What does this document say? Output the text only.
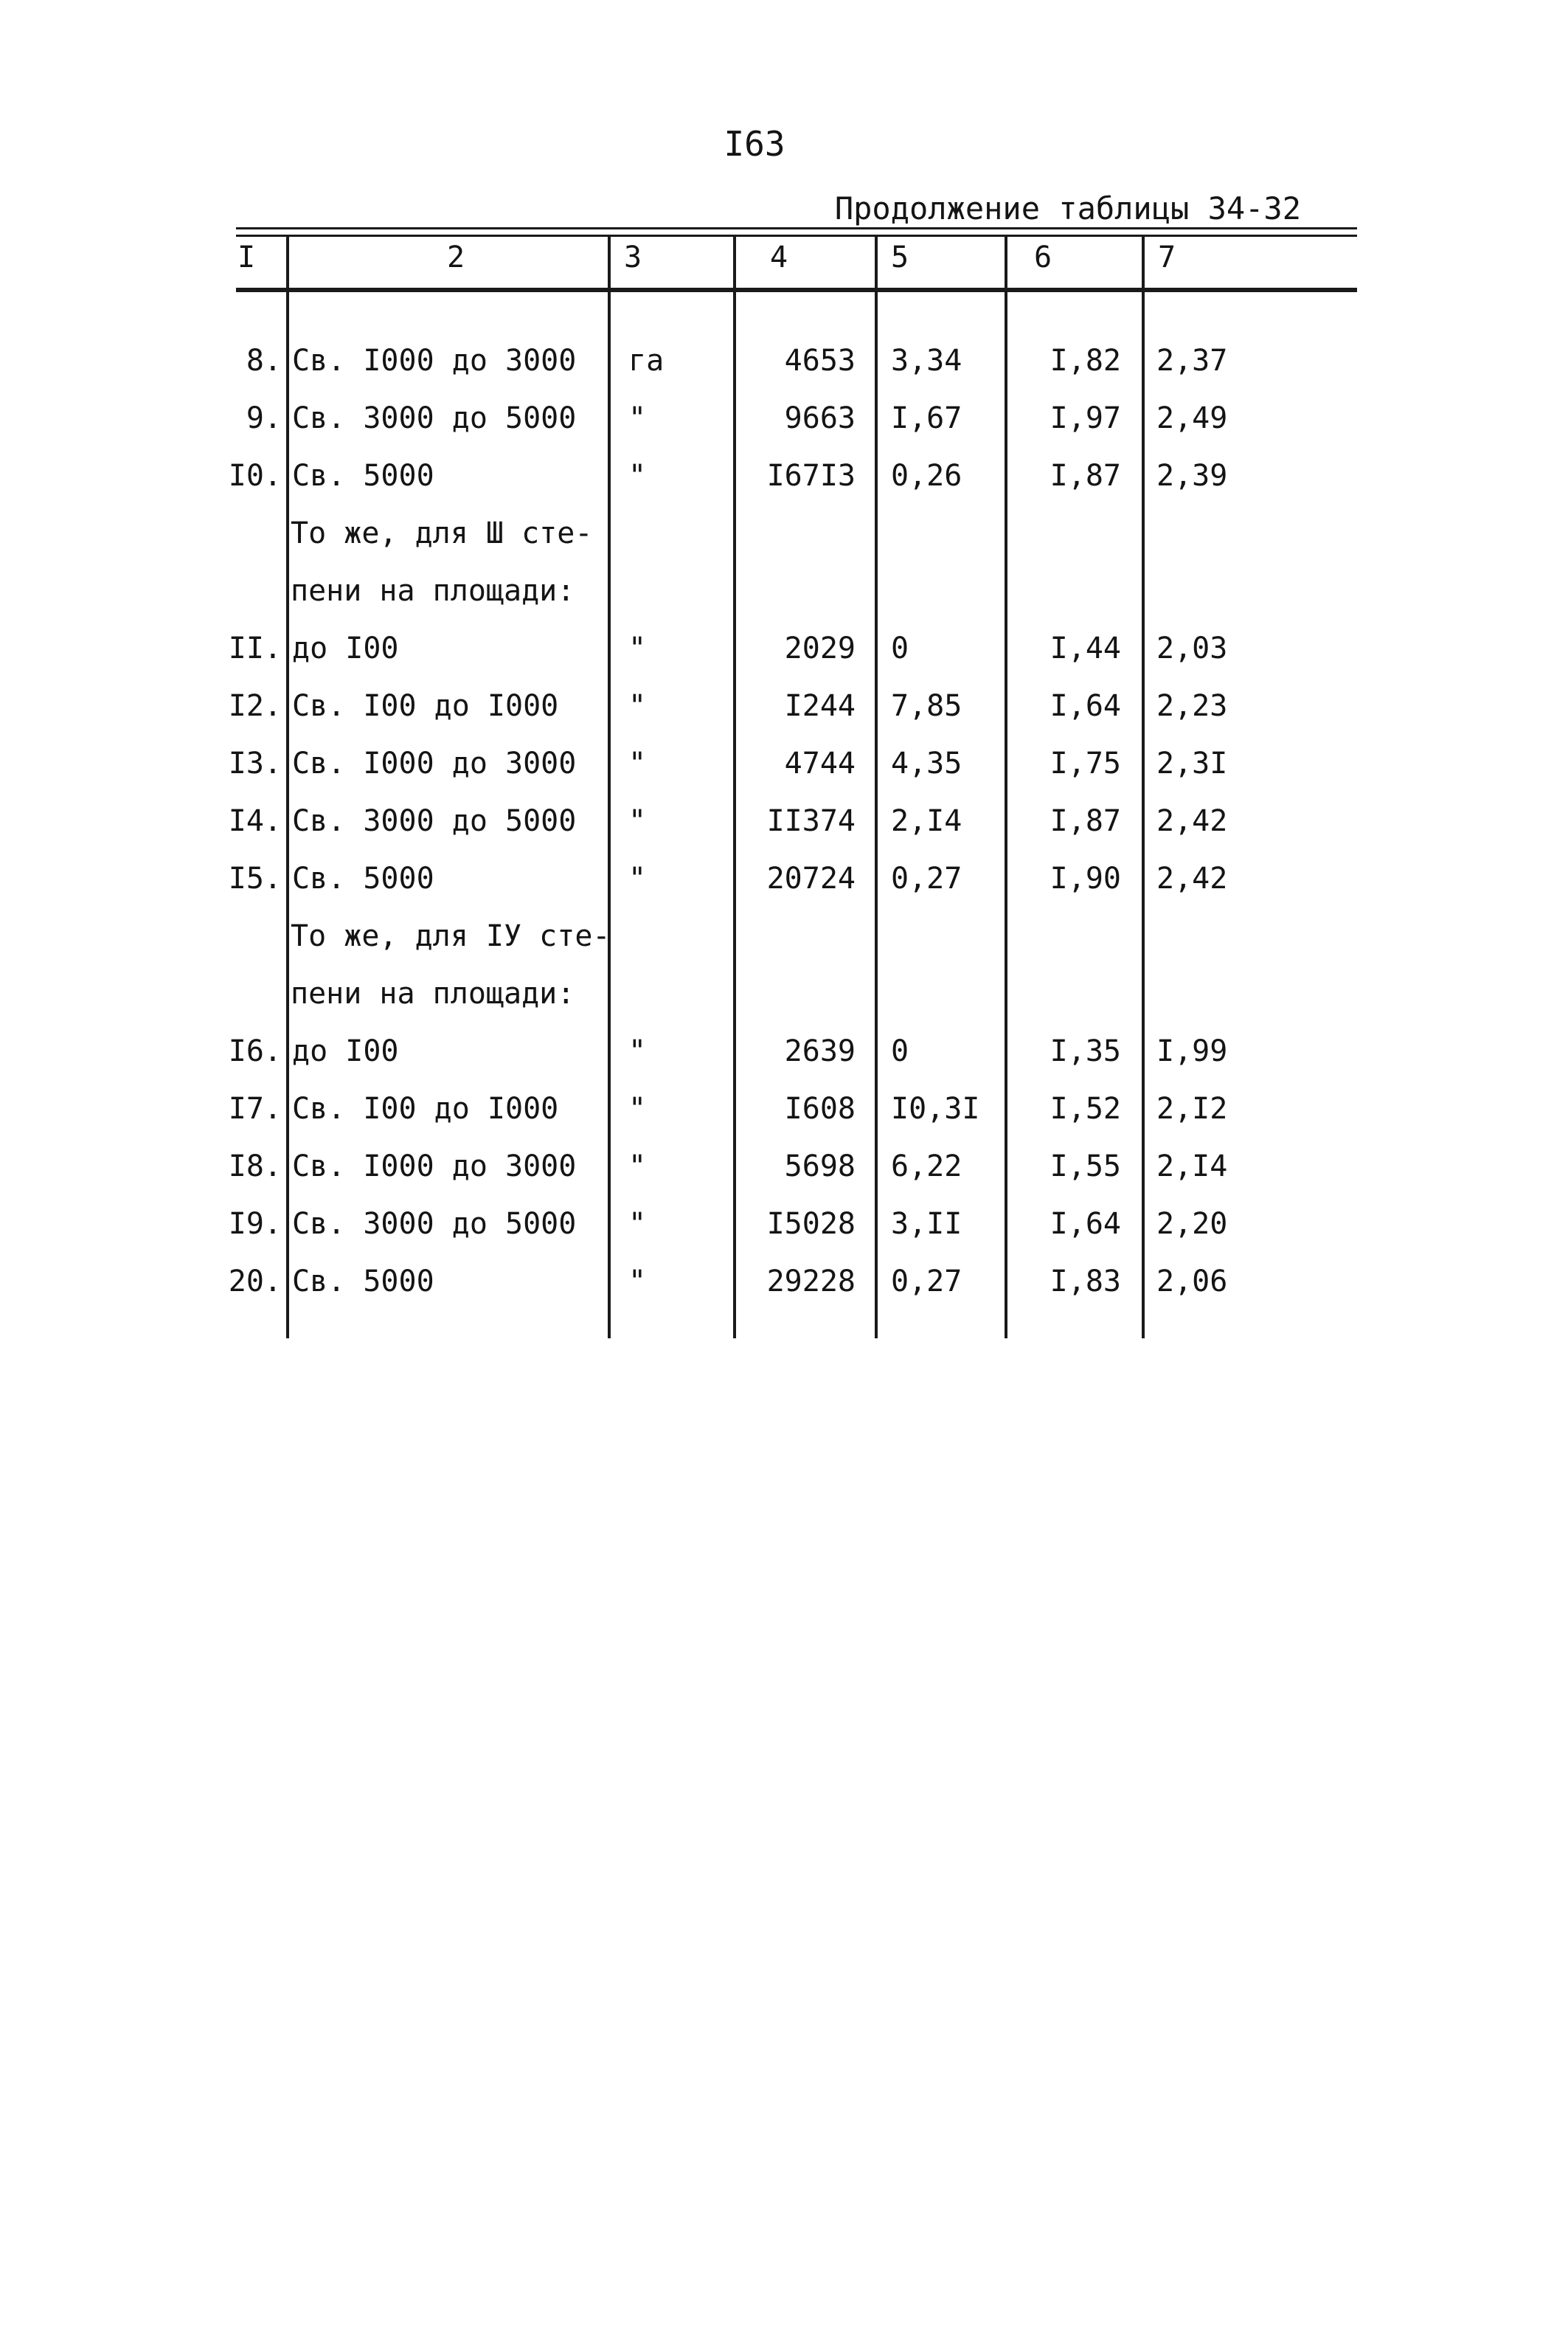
I63
Продолжение таблицы 34-32
I	2	3	4	5	6	7
8. Св. I000 до 3000 га	4653 3,34	I,82 2,37
9. Св. 3000 до 5000 "	9663 I,67	I,97 2,49
I0. Св. 5000	"	I67I3 0,26	I,87 2,39
То же, для Ш сте-
пени на площади:
II. до I00	"	2029 0	I,44 2,03
I2. Св. I00 до I000 "	I244 7,85	I,64 2,23
I3. Св. I000 до 3000 "	4744 4,35	I,75 2,3I
I4. Св. 3000 до 5000 "	II374 2,I4	I,87 2,42
I5. Св. 5000	"	20724 0,27	I,90 2,42
То же, для IУ сте-
пени на площади:
I6. до I00	"	2639 0	I,35 I,99
I7. Св. I00 до I000 "	I608 I0,3I I,52 2,I2
I8. Св. I000 до 3000 "	5698 6,22	I,55 2,I4
I9. Св. 3000 до 5000 "	I5028 3,II	I,64 2,20
20. Св. 5000	"	29228 0,27	I,83 2,06
